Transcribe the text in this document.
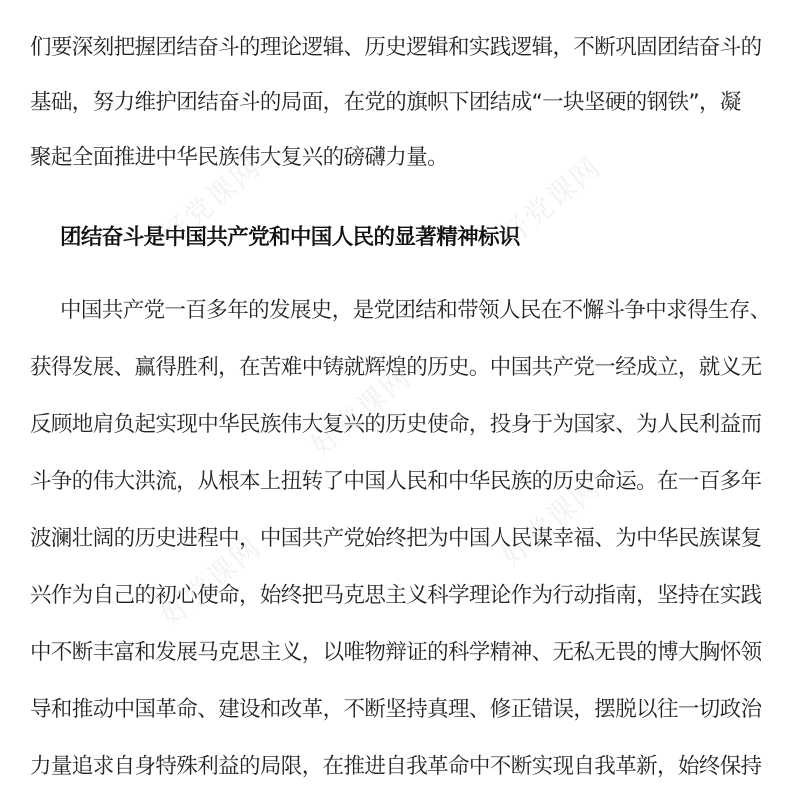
们要深刻把握团结奋斗的理论逻辑、历史逻辑和实践逻辑，不断巩固团结奋斗的
基础，努力维护团结奋斗的局面，在党的旗帜下团结成“一块坚硬的钢铁”，凝
聚起全面推进中华民族伟大复兴的磅礴力量。
团结奋斗是中国共产党和中国人民的显著精神标识
中国共产党一百多年的发展史，是党团结和带领人民在不懈斗争中求得生存、
获得发展、赢得胜利，在苦难中铸就辉煌的历史。中国共产党一经成立，就义无
反顾地肩负起实现中华民族伟大复兴的历史使命，投身于为国家、为人民利益而
斗争的伟大洪流，从根本上扭转了中国人民和中华民族的历史命运。在一百多年
波澜壮阔的历史进程中，中国共产党始终把为中国人民谋幸福、为中华民族谋复
兴作为自己的初心使命，始终把马克思主义科学理论作为行动指南，坚持在实践
中不断丰富和发展马克思主义，以唯物辩证的科学精神、无私无畏的博大胸怀领
导和推动中国革命、建设和改革，不断坚持真理、修正错误，摆脱以往一切政治
力量追求自身特殊利益的局限，在推进自我革命中不断实现自我革新，始终保持
好党课网	好党课网
好党课网
好党课网
好党课网
